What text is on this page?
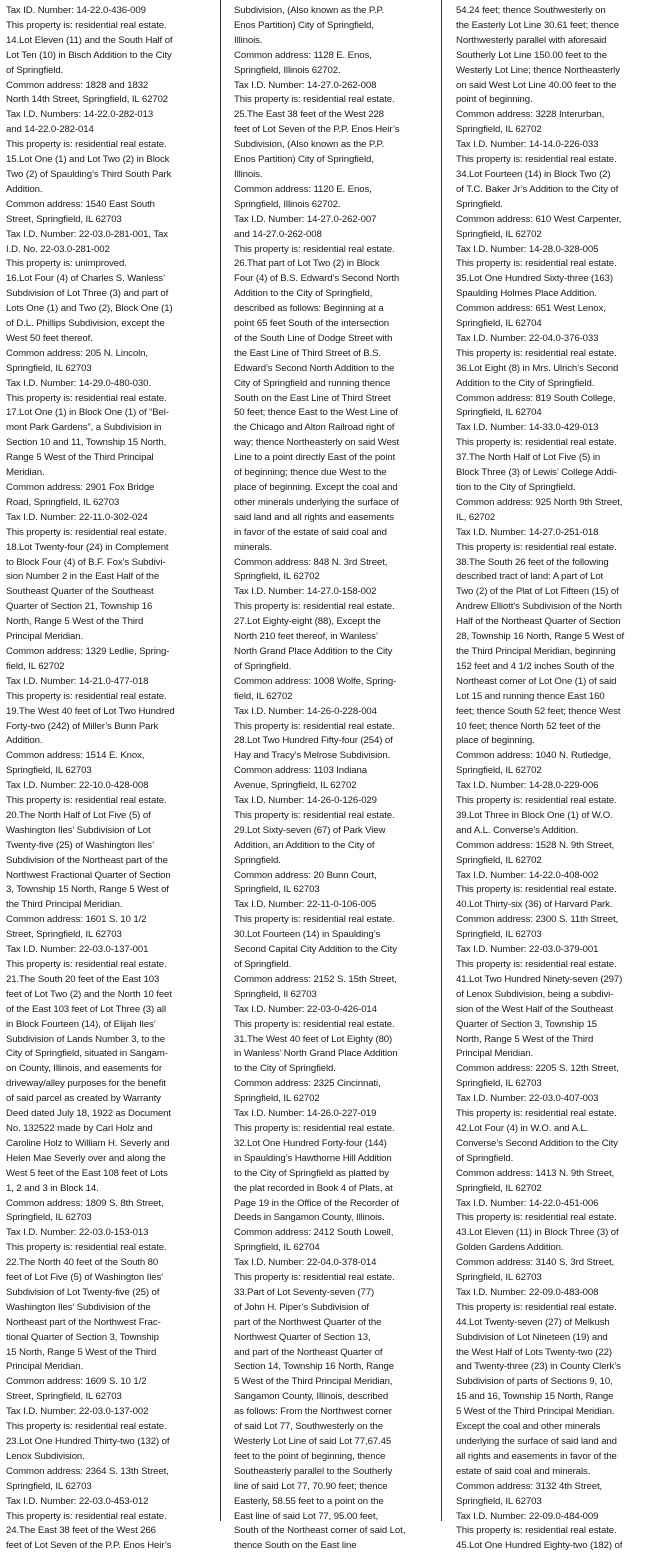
Tax ID. Number: 14-22.0-436-009

This property is: residential real estate.

14.Lot Eleven (11) and the South Half of

Lot Ten (10) in Bisch Addition to the City

of Springfield.

Common address: 1828 and 1832

North 14th Street, Springfield, IL 62702

Tax I.D. Numbers: 14-22.0-282-013

and 14-22.0-282-014

This property is: residential real estate.

15.Lot One (1) and Lot Two (2) in Block

Two (2) of Spaulding’s Third South Park

Addition.

Common address: 1540 East South

Street, Springfield, IL 62703

Tax I.D. Number: 22-03.0-281-001, Tax

I.D. No. 22-03.0-281-002

This property is: unimproved.

16.Lot Four (4) of Charles S. Wanless’

Subdivision of Lot Three (3) and part of

Lots One (1) and Two (2), Block One (1)

of D.L. Phillips Subdivision, except the

West 50 feet thereof.

Common address: 205 N. Lincoln,

Springfield, IL 62703

Tax I.D. Number: 14-29.0-480-030.

This property is: residential real estate.

17.Lot One (1) in Block One (1) of “Bel-

mont Park Gardens”, a Subdivision in

Section 10 and 11, Township 15 North,

Range 5 West of the Third Principal

Meridian.

Common address: 2901 Fox Bridge

Road, Springfield, IL 62703

Tax I.D. Number: 22-11.0-302-024

This property is: residential real estate.

18.Lot Twenty-four (24) in Complement

to Block Four (4) of B.F. Fox’s Subdivi-

sion Number 2 in the East Half of the

Southeast Quarter of the Southeast

Quarter of Section 21, Township 16

North, Range 5 West of the Third

Principal Meridian.

Common address: 1329 Ledlie, Spring-

field, IL 62702

Tax I.D. Number: 14-21.0-477-018

This property is: residential real estate.

19.The West 40 feet of Lot Two Hundred

Forty-two (242) of Miller’s Bunn Park

Addition.

Common address: 1514 E. Knox,

Springfield, IL 62703

Tax I.D. Number: 22-10.0-428-008

This property is: residential real estate.

20.The North Half of Lot Five (5) of

Washington Iles’ Subdivision of Lot

Twenty-five (25) of Washington Iles’

Subdivision of the Northeast part of the

Northwest Fractional Quarter of Section

3, Township 15 North, Range 5 West of

the Third Principal Meridian.

Common address: 1601 S. 10 1/2

Street, Springfield, IL 62703

Tax I.D. Number: 22-03.0-137-001

This property is: residential real estate.

21.The South 20 feet of the East 103

feet of Lot Two (2) and the North 10 feet

of the East 103 feet of Lot Three (3) all

in Block Fourteen (14), of Elijah Iles’

Subdivision of Lands Number 3, to the

City of Springfield, situated in Sangam-

on County, Illinois, and easements for

driveway/alley purposes for the benefit

of said parcel as created by Warranty

Deed dated July 18, 1922 as Document

No. 132522 made by Carl Holz and

Caroline Holz to William H. Severly and

Helen Mae Severly over and along the

West 5 feet of the East 108 feet of Lots

1, 2 and 3 in Block 14.

Common address: 1809 S. 8th Street,

Springfield, IL 62703

Tax I.D. Number: 22-03.0-153-013

This property is: residential real estate.

22.The North 40 feet of the South 80

feet of Lot Five (5) of Washington Iles’

Subdivision of Lot Twenty-five (25) of

Washington Iles’ Subdivision of the

Northeast part of the Northwest Frac-

tional Quarter of Section 3, Township

15 North, Range 5 West of the Third

Principal Meridian.

Common address: 1609 S. 10 1/2

Street, Springfield, IL 62703

Tax I.D. Number: 22-03.0-137-002

This property is: residential real estate.

23.Lot One Hundred Thirty-two (132) of

Lenox Subdivision.

Common address: 2364 S. 13th Street,

Springfield, IL 62703

Tax I.D. Number: 22-03.0-453-012

This property is: residential real estate.

24.The East 38 feet of the West 266

feet of Lot Seven of the P.P. Enos Heir’s

Subdivision, (Also known as the P.P.

Enos Partition) City of Springfield,

Illinois.

Common address: 1128 E. Enos,

Springfield, Illinois 62702.

Tax I.D. Number: 14-27.0-262-008

This property is: residential real estate.

25.The East 38 feet of the West 228

feet of Lot Seven of the P.P. Enos Heir’s

Subdivision, (Also known as the P.P.

Enos Partition) City of Springfield,

Illinois.

Common address: 1120 E. Enos,

Springfield, Illinois 62702.

Tax I.D. Number: 14-27.0-262-007

and 14-27.0-262-008

This property is: residential real estate.

26.That part of Lot Two (2) in Block

Four (4) of B.S. Edward’s Second North

Addition to the City of Springfield,

described as follows: Beginning at a

point 65 feet South of the intersection

of the South Line of Dodge Street with

the East Line of Third Street of B.S.

Edward’s Second North Addition to the

City of Springfield and running thence

South on the East Line of Third Street

50 feet; thence East to the West Line of

the Chicago and Alton Railroad right of

way; thence Northeasterly on said West

Line to a point directly East of the point

of beginning; thence due West to the

place of beginning. Except the coal and

other minerals underlying the surface of

said land and all rights and easements

in favor of the estate of said coal and

minerals.

Common address: 848 N. 3rd Street,

Springfield, IL 62702

Tax I.D. Number: 14-27.0-158-002

This property is: residential real estate.

27.Lot Eighty-eight (88), Except the

North 210 feet thereof, in Wanless’

North Grand Place Addition to the City

of Springfield.

Common address: 1008 Wolfe, Spring-

field, IL 62702

Tax I.D. Number: 14-26-0-228-004

This property is: residential real estate.

28.Lot Two Hundred Fifty-four (254) of

Hay and Tracy’s Melrose Subdivision.

Common address: 1103 Indiana

Avenue, Springfield, IL 62702

Tax I.D. Number: 14-26-0-126-029

This property is: residential real estate.

29.Lot Sixty-seven (67) of Park View

Addition, an Addition to the City of

Springfield.

Common address: 20 Bunn Court,

Springfield, IL 62703

Tax I.D. Number: 22-11-0-106-005

This property is: residential real estate.

30.Lot Fourteen (14) in Spaulding’s

Second Capital City Addition to the City

of Springfield.

Common address: 2152 S. 15th Street,

Springfield, Il 62703

Tax I.D. Number: 22-03-0-426-014

This property is: residential real estate.

31.The West 40 feet of Lot Eighty (80)

in Wanless’ North Grand Place Addition

to the City of Springfield.

Common address: 2325 Cincinnati,

Springfield, IL 62702

Tax I.D. Number: 14-26.0-227-019

This property is: residential real estate.

32.Lot One Hundred Forty-four (144)

in Spaulding’s Hawthorne Hill Addition

to the City of Springfield as platted by

the plat recorded in Book 4 of Plats, at

Page 19 in the Office of the Recorder of

Deeds in Sangamon County, Illinois.

Common address: 2412 South Lowell,

Springfield, IL 62704

Tax I.D. Number: 22-04.0-378-014

This property is: residential real estate.

33.Part of Lot Seventy-seven (77)

of John H. Piper’s Subdivision of

part of the Northwest Quarter of the

Northwest Quarter of Section 13,

and part of the Northeast Quarter of

Section 14, Township 16 North, Range

5 West of the Third Principal Meridian,

Sangamon County, Illinois, described

as follows: From the Northwest corner

of said Lot 77, Southwesterly on the

Westerly Lot Line of said Lot 77,67.45

feet to the point of beginning, thence

Southeasterly parallel to the Southerly

line of said Lot 77, 70.90 feet; thence

Easterly, 58.55 feet to a point on the

East line of said Lot 77, 95.00 feet,

South of the Northeast corner of said Lot,

thence South on the East line

54.24 feet; thence Southwesterly on

the Easterly Lot Line 30.61 feet; thence

Northwesterly parallel with aforesaid

Southerly Lot Line 150.00 feet to the

Westerly Lot Line; thence Northeasterly

on said West Lot Line 40.00 feet to the

point of beginning.

Common address: 3228 Interurban,

Springfield, IL 62702

Tax I.D. Number: 14-14.0-226-033

This property is: residential real estate.

34.Lot Fourteen (14) in Block Two (2)

of T.C. Baker Jr’s Addition to the City of

Springfield.

Common address: 610 West Carpenter,

Springfield, IL 62702

Tax I.D. Number: 14-28.0-328-005

This property is: residential real estate.

35.Lot One Hundred Sixty-three (163)

Spaulding Holmes Place Addition.

Common address: 651 West Lenox,

Springfield, IL 62704

Tax I.D. Number: 22-04.0-376-033

This property is: residential real estate.

36.Lot Eight (8) in Mrs. Ulrich’s Second

Addition to the City of Springfield.

Common address: 819 South College,

Springfield, IL 62704

Tax I.D. Number: 14-33.0-429-013

This property is: residential real estate.

37.The North Half of Lot Five (5) in

Block Three (3) of Lewis’ College Addi-

tion to the City of Springfield.

Common address: 925 North 9th Street,

IL, 62702

Tax I.D. Number: 14-27.0-251-018

This property is: residential real estate.

38.The South 26 feet of the following

described tract of land: A part of Lot

Two (2) of the Plat of Lot Fifteen (15) of

Andrew Elliott’s Subdivision of the North

Half of the Northeast Quarter of Section

28, Township 16 North, Range 5 West of

the Third Principal Meridian, beginning

152 feet and 4 1/2 inches South of the

Northeast corner of Lot One (1) of said

Lot 15 and running thence East 160

feet; thence South 52 feet; thence West

10 feet; thence North 52 feet of the

place of beginning.

Common address: 1040 N. Rutledge,

Springfield, IL 62702

Tax I.D. Number: 14-28.0-229-006

This property is: residential real estate.

39.Lot Three in Block One (1) of W.O.

and A.L. Converse’s Addition.

Common address: 1528 N. 9th Street,

Springfield, IL 62702

Tax I.D. Number: 14-22.0-408-002

This property is: residential real estate.

40.Lot Thirty-six (36) of Harvard Park.

Common address: 2300 S. 11th Street,

Springfield, IL 62703

Tax I.D. Number: 22-03.0-379-001

This property is: residential real estate.

41.Lot Two Hundred Ninety-seven (297)

of Lenox Subdivision, being a subdivi-

sion of the West Half of the Southeast

Quarter of Section 3, Township 15

North, Range 5 West of the Third

Principal Meridian.

Common address: 2205 S. 12th Street,

Springfield, IL 62703

Tax I.D. Number: 22-03.0-407-003

This property is: residential real estate.

42.Lot Four (4) in W.O. and A.L.

Converse’s Second Addition to the City

of Springfield.

Common address: 1413 N. 9th Street,

Springfield, IL 62702

Tax I.D. Number: 14-22.0-451-006

This property is: residential real estate.

43.Lot Eleven (11) in Block Three (3) of

Golden Gardens Addition.

Common address: 3140 S. 3rd Street,

Springfield, IL 62703

Tax I.D. Number: 22-09.0-483-008

This property is: residential real estate.

44.Lot Twenty-seven (27) of Melkush

Subdivision of Lot Nineteen (19) and

the West Half of Lots Twenty-two (22)

and Twenty-three (23) in County Clerk’s

Subdivision of parts of Sections 9, 10,

15 and 16, Township 15 North, Range

5 West of the Third Principal Meridian.

Except the coal and other minerals

underlying the surface of said land and

all rights and easements in favor of the

estate of said coal and minerals.

Common address: 3132 4th Street,

Springfield, IL 62703

Tax I.D. Number: 22-09.0-484-009

This property is: residential real estate.

45.Lot One Hundred Eighty-two (182) of
